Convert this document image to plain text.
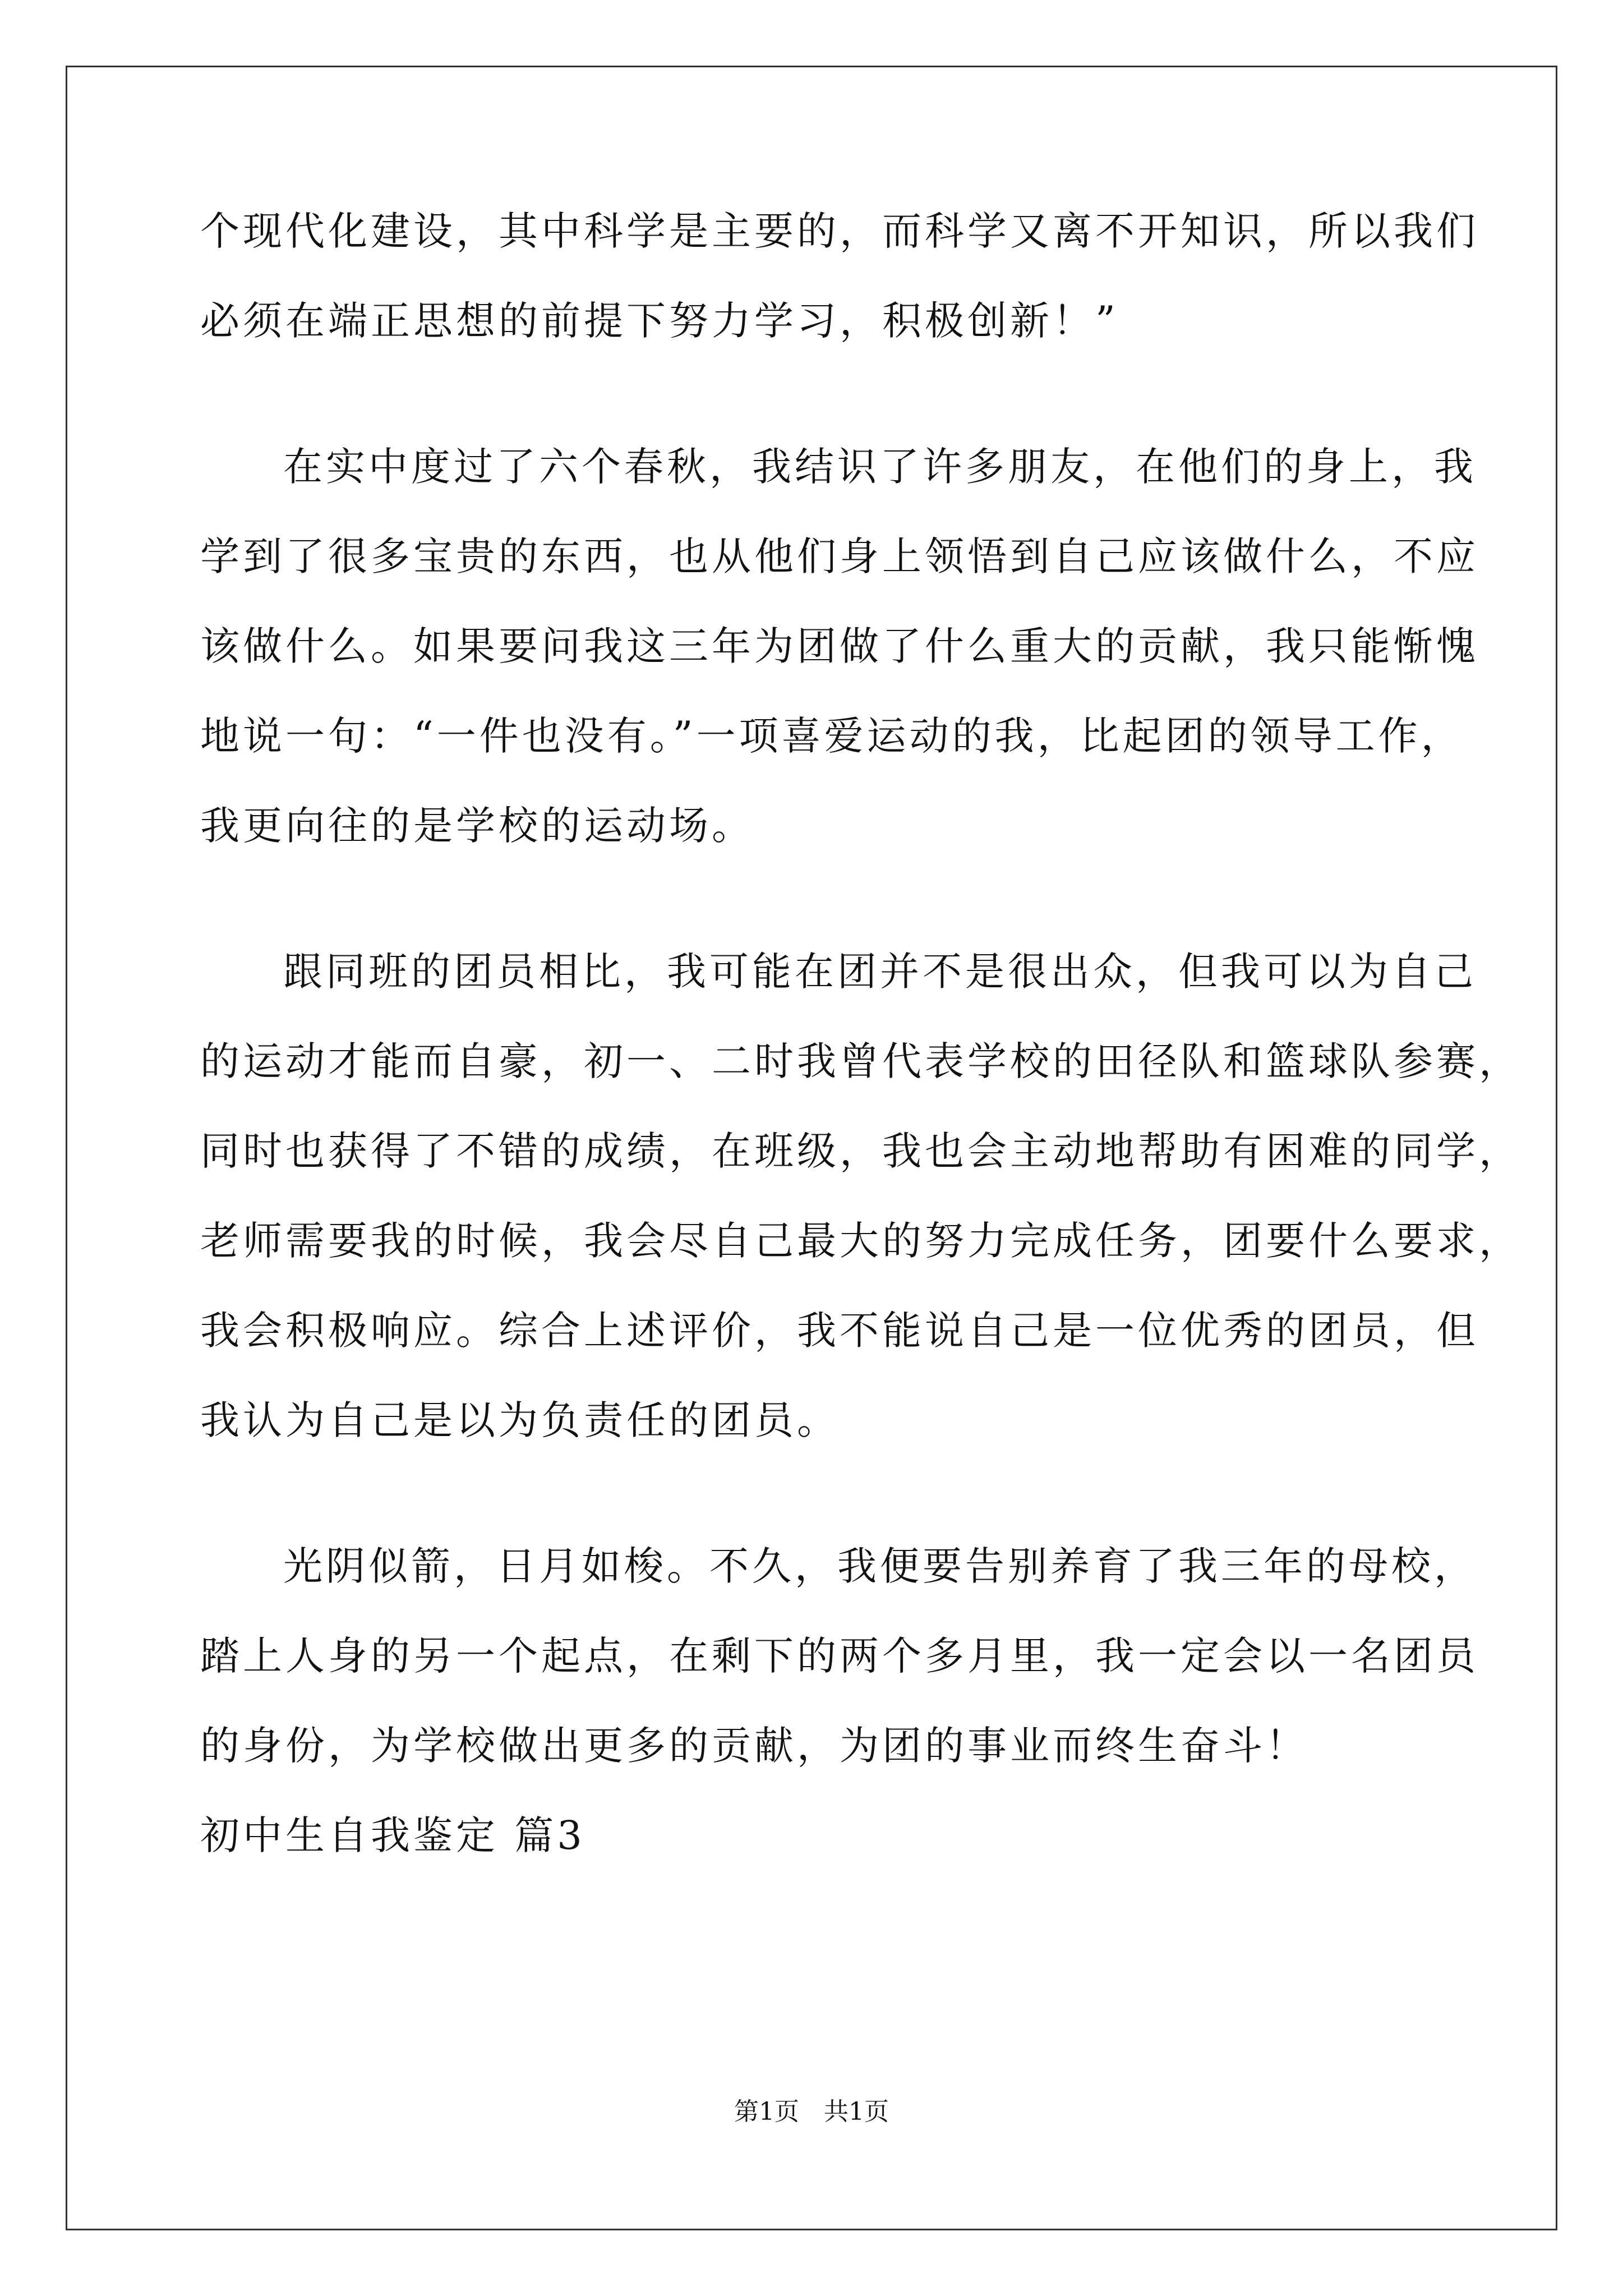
个现代化建设，其中科学是主要的，而科学又离不开知识，所以我们
必须在端正思想的前提下努力学习，积极创新！”
在实中度过了六个春秋，我结识了许多朋友，在他们的身上，我
学到了很多宝贵的东西，也从他们身上领悟到自己应该做什么，不应
该做什么。如果要问我这三年为团做了什么重大的贡献，我只能惭愧
地说一句：“一件也没有。”一项喜爱运动的我，比起团的领导工作，
我更向往的是学校的运动场。
跟同班的团员相比，我可能在团并不是很出众，但我可以为自己
的运动才能而自豪，初一、二时我曾代表学校的田径队和篮球队参赛，
同时也获得了不错的成绩，在班级，我也会主动地帮助有困难的同学，
老师需要我的时候，我会尽自己最大的努力完成任务，团要什么要求，
我会积极响应。综合上述评价，我不能说自己是一位优秀的团员，但
我认为自己是以为负责任的团员。
光阴似箭，日月如梭。不久，我便要告别养育了我三年的母校，
踏上人身的另一个起点，在剩下的两个多月里，我一定会以一名团员
的身份，为学校做出更多的贡献，为团的事业而终生奋斗！
初中生自我鉴定 篇3
第1页　共1页
